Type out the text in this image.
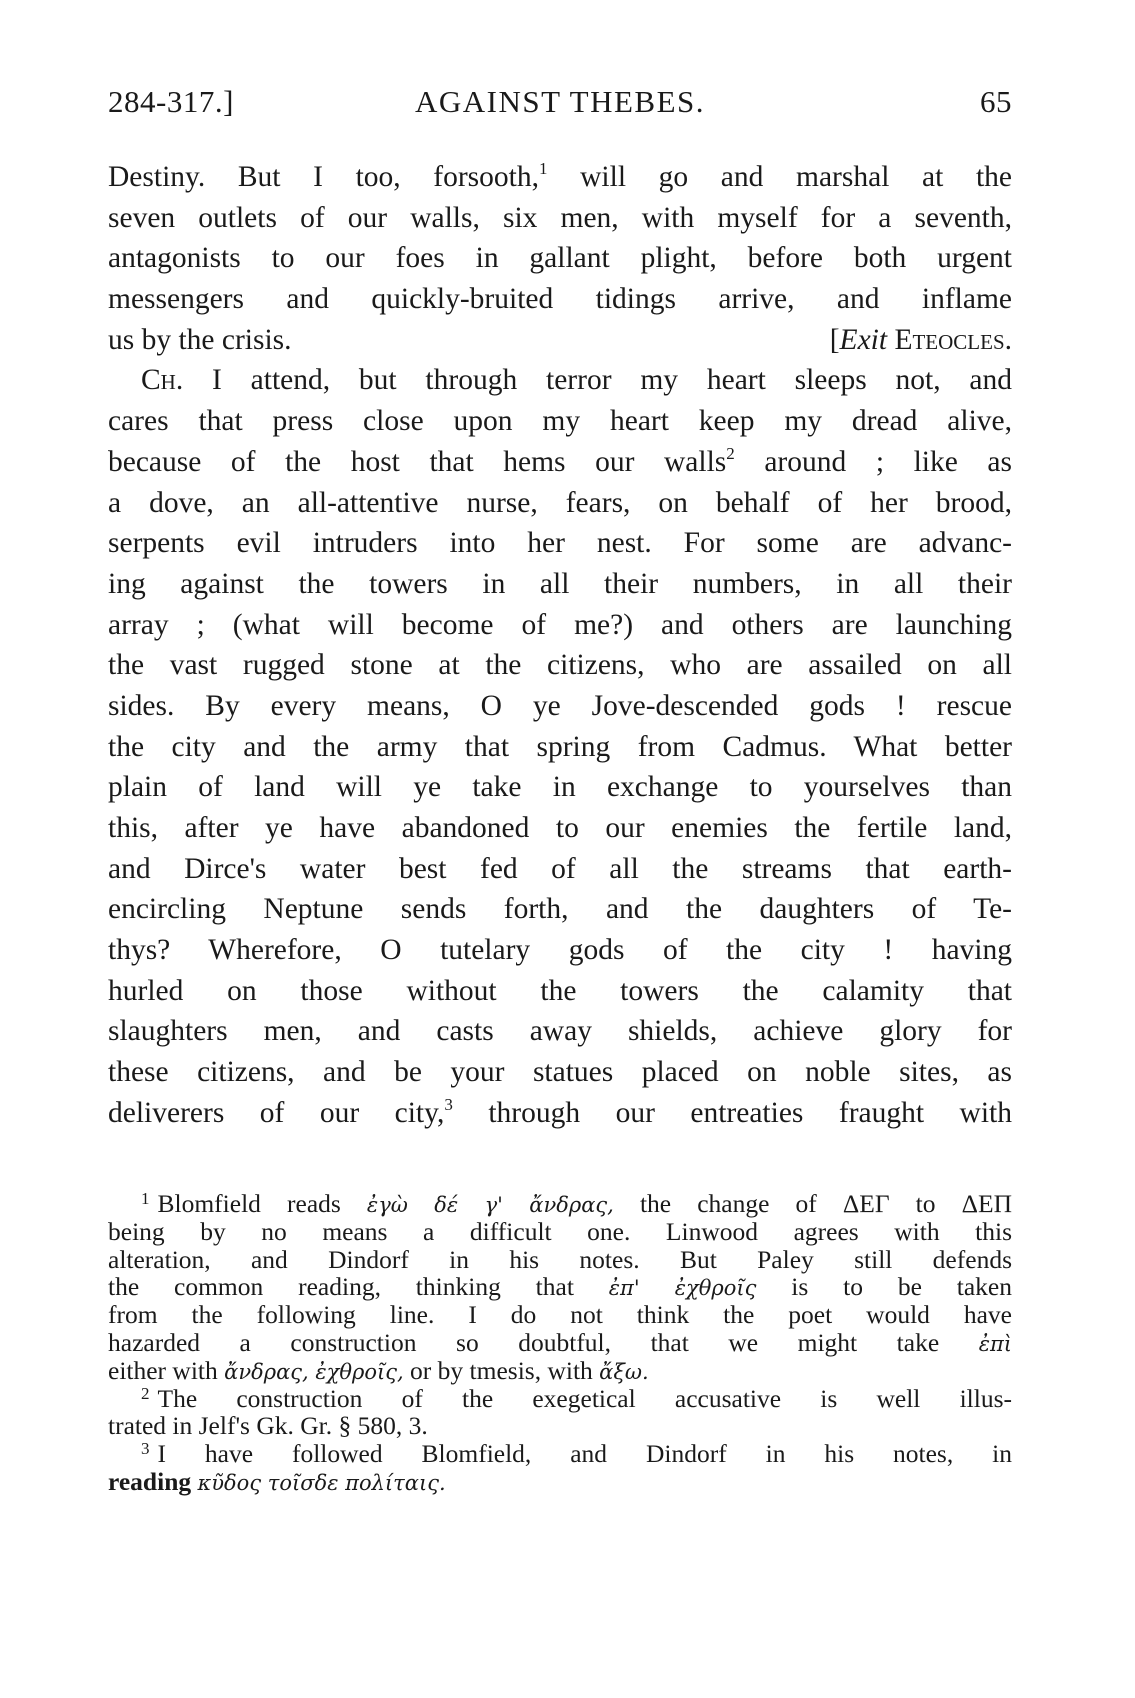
284-317.]	AGAINST THEBES.	65
Destiny. But I too, forsooth,$^1$ will go and marshal at the
seven outlets of our walls, six men, with myself for a seventh,
antagonists to our foes in gallant plight, before both urgent
messengers and quickly-bruited tidings arrive, and inflame
us by the crisis.	[Exit Eteocles.
Ch. I attend, but through terror my heart sleeps not, and
cares that press close upon my heart keep my dread alive,
because of the host that hems our walls$^2$ around ; like as
a dove, an all-attentive nurse, fears, on behalf of her brood,
serpents evil intruders into her nest. For some are advanc-
ing against the towers in all their numbers, in all their
array ; (what will become of me?) and others are launching
the vast rugged stone at the citizens, who are assailed on all
sides. By every means, O ye Jove-descended gods ! rescue
the city and the army that spring from Cadmus. What better
plain of land will ye take in exchange to yourselves than
this, after ye have abandoned to our enemies the fertile land,
and Dirce's water best fed of all the streams that earth-
encircling Neptune sends forth, and the daughters of Te-
thys? Wherefore, O tutelary gods of the city ! having
hurled on those without the towers the calamity that
slaughters men, and casts away shields, achieve glory for
these citizens, and be your statues placed on noble sites, as
deliverers of our city,$^3$ through our entreaties fraught with
$^1$ Blomfield reads ἐγὼ δέ γ' ἄνδρας, the change of ΔΕΓ to ΔΕΠ
being by no means a difficult one. Linwood agrees with this
alteration, and Dindorf in his notes. But Paley still defends
the common reading, thinking that ἐπ' ἐχθροῖς is to be taken
from the following line. I do not think the poet would have
hazarded a construction so doubtful, that we might take ἐπὶ
either with ἄνδρας, ἐχθροῖς, or by tmesis, with ἄξω.
$^2$ The construction of the exegetical accusative is well illus-
trated in Jelf's Gk. Gr. § 580, 3.
$^3$ I have followed Blomfield, and Dindorf in his notes, in
reading κῦδος τοῖσδε πολίταις.
